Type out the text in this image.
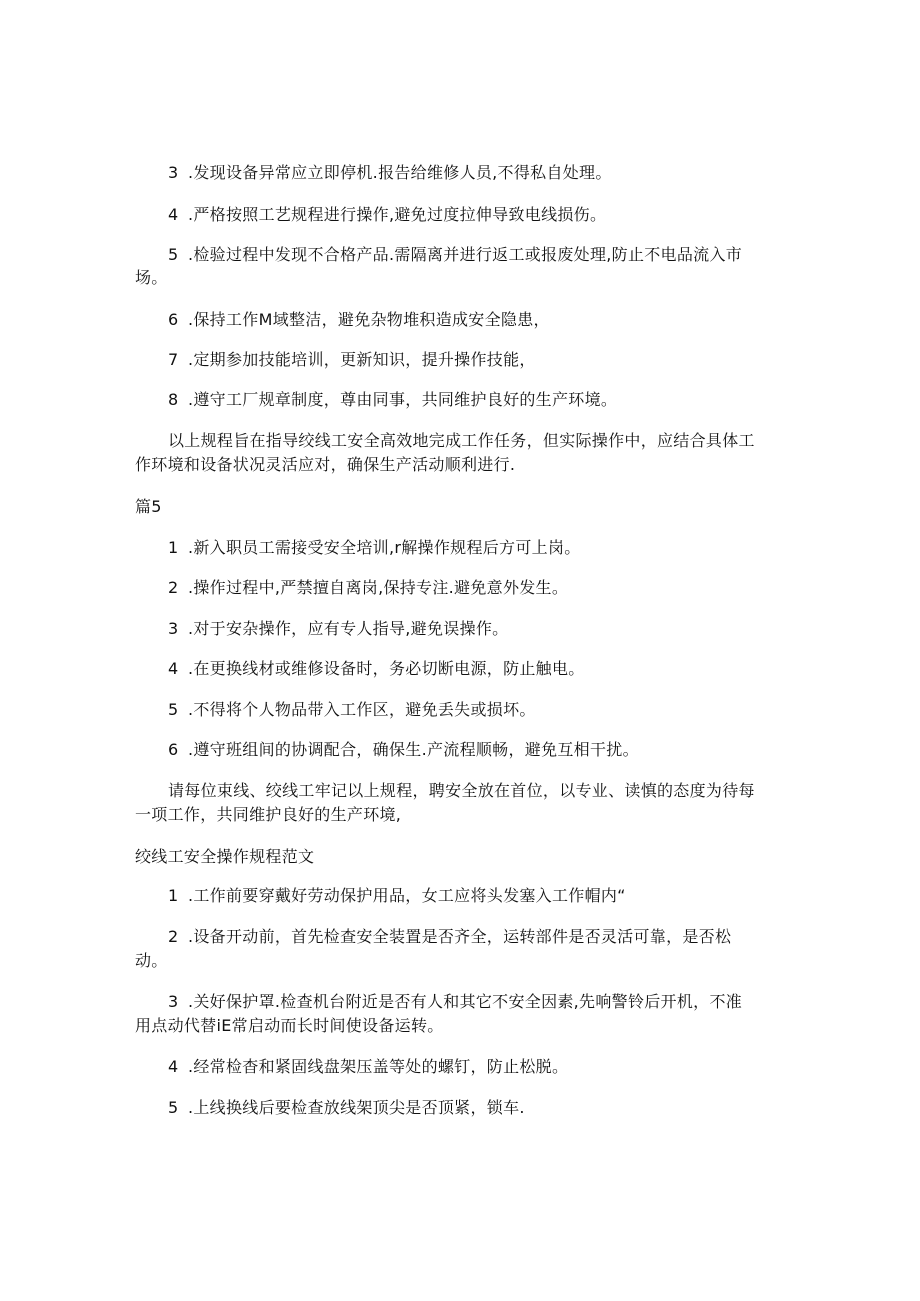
3 .发现设备异常应立即停机.报告给维修人员,不得私自处理。
4 .严格按照工艺规程进行操作,避免过度拉伸导致电线损伤。
5 .检验过程中发现不合格产品.需隔离并进行返工或报废处理,防止不电品流入市
场。
6 .保持工作M域整洁，避免杂物堆积造成安全隐患，
7 .定期参加技能培训，更新知识，提升操作技能，
8 .遵守工厂规章制度，尊由同事，共同维护良好的生产环境。
以上规程旨在指导绞线工安全高效地完成工作任务，但实际操作中，应结合具体工
作环境和设备状况灵活应对，确保生产活动顺利进行.
篇5
1 .新入职员工需接受安全培训,r解操作规程后方可上岗。
2 .操作过程中,严禁擅自离岗,保持专注.避免意外发生。
3 .对于安杂操作，应有专人指导,避免误操作。
4 .在更换线材或维修设备时，务必切断电源，防止触电。
5 .不得将个人物品带入工作区，避免丢失或损坏。
6 .遵守班组间的协调配合，确保生.产流程顺畅，避免互相干扰。
请每位束线、绞线工牢记以上规程，聘安全放在首位，以专业、读慎的态度为待每
一项工作，共同维护良好的生产环境,
绞线工安全操作规程范文
1 .工作前要穿戴好劳动保护用品，女工应将头发塞入工作帽内“
2 .设备开动前，首先检查安全装置是否齐全，运转部件是否灵活可靠，是否松
动。
3 .关好保护罩.检查机台附近是否有人和其它不安全因素,先响警铃后开机，不准
用点动代替iE常启动而长时间使设备运转。
4 .经常检杳和紧固线盘架压盖等处的螺钉，防止松脱。
5 .上线换线后要检查放线架顶尖是否顶紧，锁车.
